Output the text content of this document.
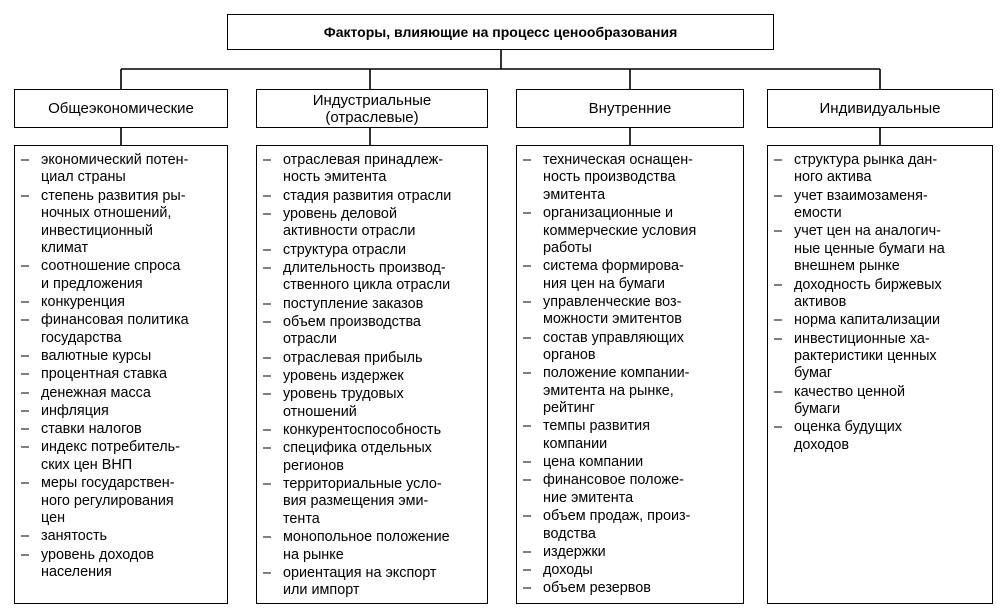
Факторы, влияющие на процесс ценообразования
Общеэкономические
– экономический потен-
циал страны
– степень развития ры-
ночных отношений,
инвестиционный
климат
– соотношение спроса
и предложения
– конкуренция
– финансовая политика
государства
– валютные курсы
– процентная ставка
– денежная масса
– инфляция
– ставки налогов
– индекс потребитель-
ских цен ВНП
– меры государствен-
ного регулирования
цен
– занятость
– уровень доходов
населения
Индустриальные
(отраслевые)
– отраслевая принадлеж-
ность эмитента
– стадия развития отрасли
– уровень деловой
активности отрасли
– структура отрасли
– длительность производ-
ственного цикла отрасли
– поступление заказов
– объем производства
отрасли
– отраслевая прибыль
– уровень издержек
– уровень трудовых
отношений
– конкурентоспособность
– специфика отдельных
регионов
– территориальные усло-
вия размещения эми-
тента
– монопольное положение
на рынке
– ориентация на экспорт
или импорт
Внутренние
– техническая оснащен-
ность производства
эмитента
– организационные и
коммерческие условия
работы
– система формирова-
ния цен на бумаги
– управленческие воз-
можности эмитентов
– состав управляющих
органов
– положение компании-
эмитента на рынке,
рейтинг
– темпы развития
компании
– цена компании
– финансовое положе-
ние эмитента
– объем продаж, произ-
водства
– издержки
– доходы
– объем резервов
Индивидуальные
– структура рынка дан-
ного актива
– учет взаимозаменя-
емости
– учет цен на аналогич-
ные ценные бумаги на
внешнем рынке
– доходность биржевых
активов
– норма капитализации
– инвестиционные ха-
рактеристики ценных
бумаг
– качество ценной
бумаги
– оценка будущих
доходов
